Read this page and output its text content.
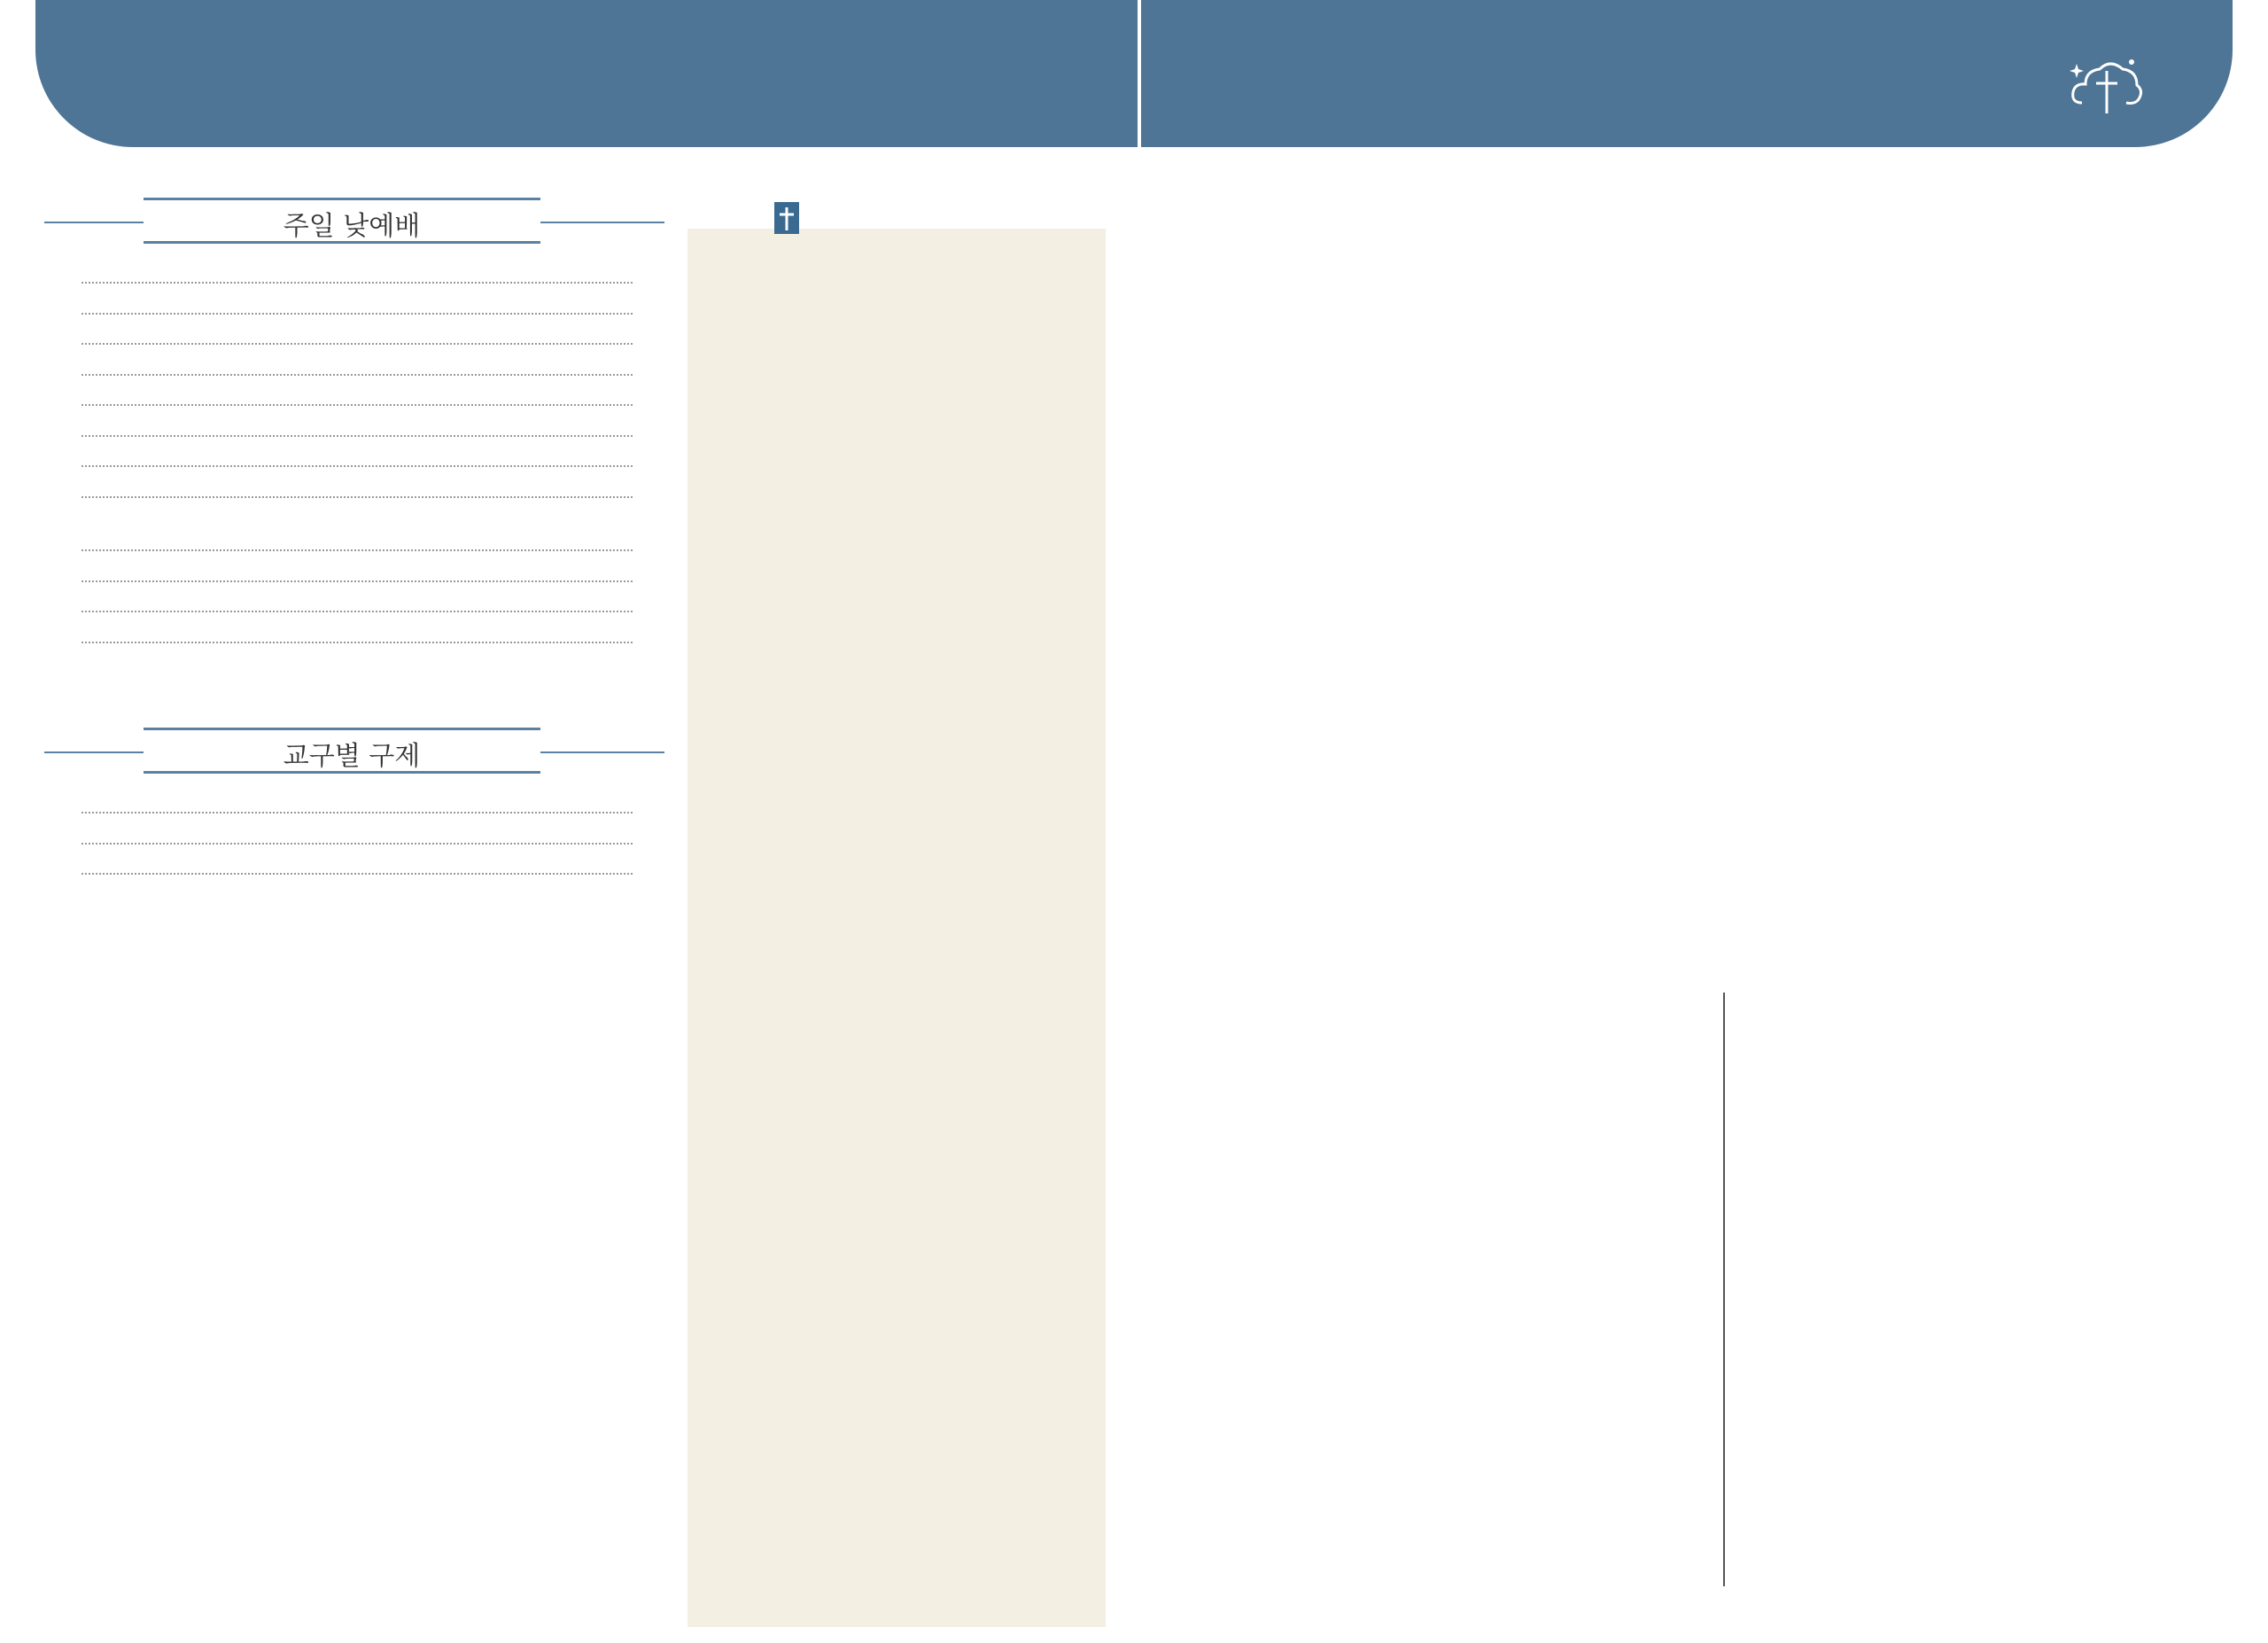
주일 낮예배
교구별 구제
